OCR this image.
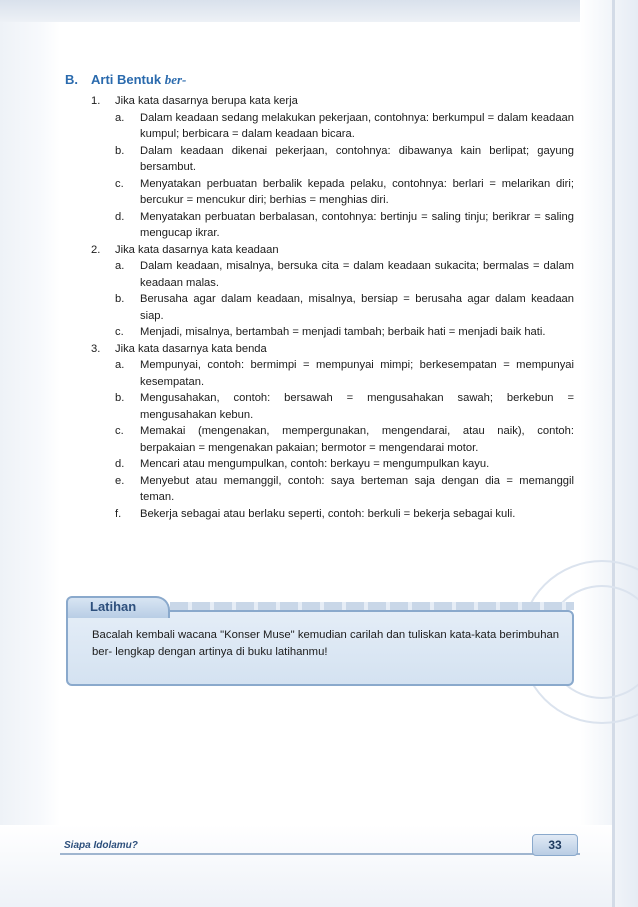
B. Arti Bentuk ber-
1. Jika kata dasarnya berupa kata kerja
a. Dalam keadaan sedang melakukan pekerjaan, contohnya: berkumpul = dalam keadaan kumpul; berbicara = dalam keadaan bicara.
b. Dalam keadaan dikenai pekerjaan, contohnya: dibawanya kain berlipat; gayung bersambut.
c. Menyatakan perbuatan berbalik kepada pelaku, contohnya: berlari = melarikan diri; bercukur = mencukur diri; berhias = menghias diri.
d. Menyatakan perbuatan berbalasan, contohnya: bertinju = saling tinju; berikrar = saling mengucap ikrar.
2. Jika kata dasarnya kata keadaan
a. Dalam keadaan, misalnya, bersuka cita = dalam keadaan sukacita; bermalas = dalam keadaan malas.
b. Berusaha agar dalam keadaan, misalnya, bersiap = berusaha agar dalam keadaan siap.
c. Menjadi, misalnya, bertambah = menjadi tambah; berbaik hati = menjadi baik hati.
3. Jika kata dasarnya kata benda
a. Mempunyai, contoh: bermimpi = mempunyai mimpi; berkesempatan = mempunyai kesempatan.
b. Mengusahakan, contoh: bersawah = mengusahakan sawah; berkebun = mengusahakan kebun.
c. Memakai (mengenakan, mempergunakan, mengendarai, atau naik), contoh: berpakaian = mengenakan pakaian; bermotor = mengendarai motor.
d. Mencari atau mengumpulkan, contoh: berkayu = mengumpulkan kayu.
e. Menyebut atau memanggil, contoh: saya berteman saja dengan dia = memanggil teman.
f. Bekerja sebagai atau berlaku seperti, contoh: berkuli = bekerja sebagai kuli.
Latihan
Bacalah kembali wacana "Konser Muse" kemudian carilah dan tuliskan kata-kata berimbuhan ber- lengkap dengan artinya di buku latihanmu!
Siapa Idolamu?	33
